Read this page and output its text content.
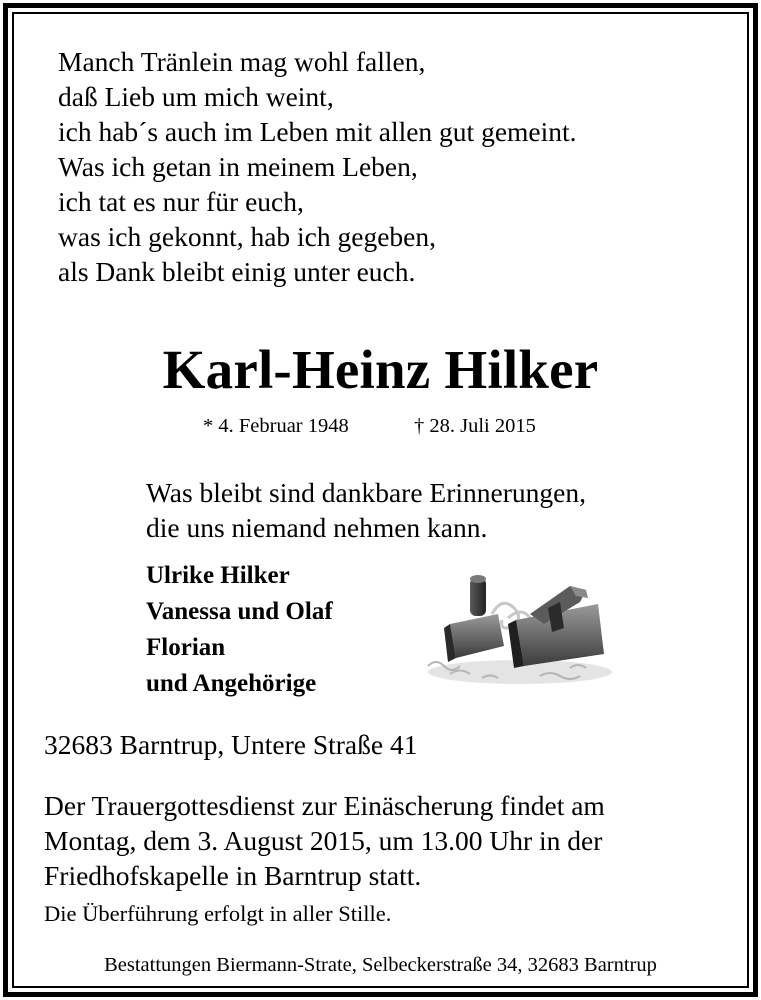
Manch Tränlein mag wohl fallen,
daß Lieb um mich weint,
ich hab´s auch im Leben mit allen gut gemeint.
Was ich getan in meinem Leben,
ich tat es nur für euch,
was ich gekonnt, hab ich gegeben,
als Dank bleibt einig unter euch.
Karl-Heinz Hilker
* 4. Februar 1948	† 28. Juli 2015
Was bleibt sind dankbare Erinnerungen,
die uns niemand nehmen kann.
Ulrike Hilker
Vanessa und Olaf
Florian
und Angehörige
32683 Barntrup, Untere Straße 41
Der Trauergottesdienst zur Einäscherung findet am
Montag, dem 3. August 2015, um 13.00 Uhr in der
Friedhofskapelle in Barntrup statt.
Die Überführung erfolgt in aller Stille.
Bestattungen Biermann-Strate, Selbeckerstraße 34, 32683 Barntrup
